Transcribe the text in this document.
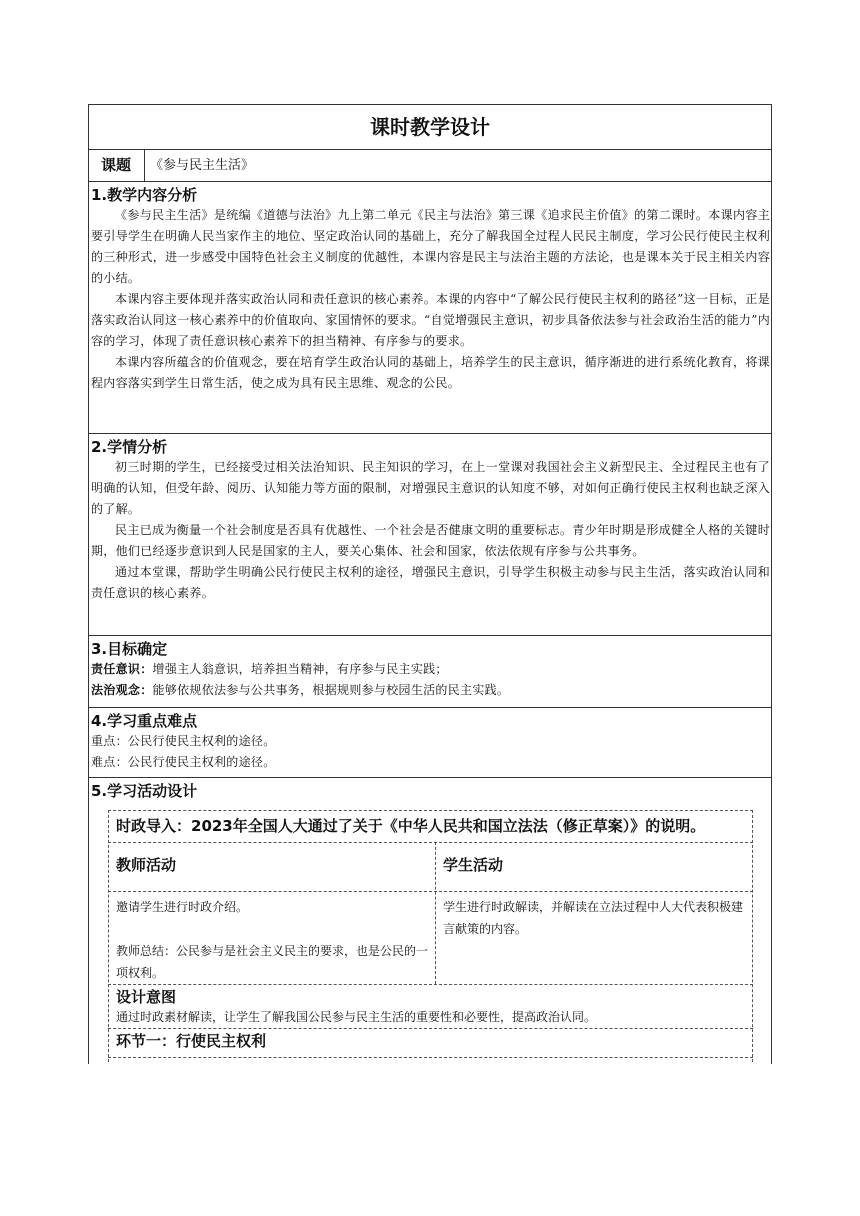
课时教学设计
课题	《参与民主生活》
1.教学内容分析

《参与民主生活》是统编《道德与法治》九上第二单元《民主与法治》第三课《追求民主价值》的第二课时。本课内容主要引导学生在明确人民当家作主的地位、坚定政治认同的基础上，充分了解我国全过程人民民主制度，学习公民行使民主权利的三种形式，进一步感受中国特色社会主义制度的优越性，本课内容是民主与法治主题的方法论，也是课本关于民主相关内容的小结。

本课内容主要体现并落实政治认同和责任意识的核心素养。本课的内容中“了解公民行使民主权利的路径”这一目标，正是落实政治认同这一核心素养中的价值取向、家国情怀的要求。“自觉增强民主意识，初步具备依法参与社会政治生活的能力”内容的学习，体现了责任意识核心素养下的担当精神、有序参与的要求。

本课内容所蕴含的价值观念，要在培育学生政治认同的基础上，培养学生的民主意识，循序渐进的进行系统化教育，将课程内容落实到学生日常生活，使之成为具有民主思维、观念的公民。

2.学情分析

初三时期的学生，已经接受过相关法治知识、民主知识的学习，在上一堂课对我国社会主义新型民主、全过程民主也有了明确的认知，但受年龄、阅历、认知能力等方面的限制，对增强民主意识的认知度不够，对如何正确行使民主权利也缺乏深入的了解。

民主已成为衡量一个社会制度是否具有优越性、一个社会是否健康文明的重要标志。青少年时期是形成健全人格的关键时期，他们已经逐步意识到人民是国家的主人，要关心集体、社会和国家，依法依规有序参与公共事务。

通过本堂课，帮助学生明确公民行使民主权利的途径，增强民主意识，引导学生积极主动参与民主生活，落实政治认同和责任意识的核心素养。

3.目标确定

责任意识：增强主人翁意识，培养担当精神，有序参与民主实践；

法治观念：能够依规依法参与公共事务，根据规则参与校园生活的民主实践。

4.学习重点难点

重点：公民行使民主权利的途径。

难点：公民行使民主权利的途径。

5.学习活动设计
时政导入：2023年全国人大通过了关于《中华人民共和国立法法（修正草案）》的说明。
教师活动	学生活动
邀请学生进行时政介绍。
教师总结：公民参与是社会主义民主的要求，也是公民的一项权利。
学生进行时政解读，并解读在立法过程中人大代表积极建言献策的内容。
设计意图
通过时政素材解读，让学生了解我国公民参与民主生活的重要性和必要性，提高政治认同。
环节一：行使民主权利
